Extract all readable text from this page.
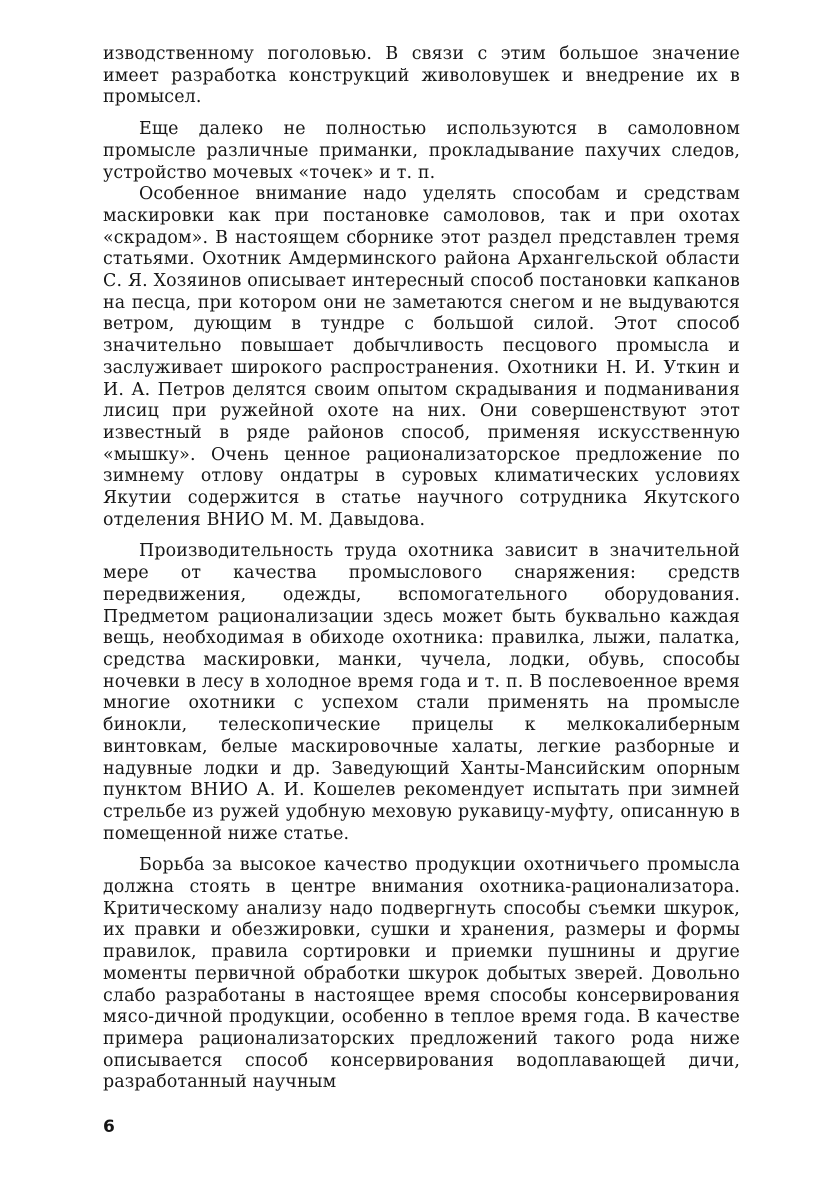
изводственному поголовью. В связи с этим большое значение имеет разработка конструкций живоловушек и внедрение их в промысел.

Еще далеко не полностью используются в самоловном промысле различные приманки, прокладывание пахучих следов, устройство мочевых «точек» и т. п.

Особенное внимание надо уделять способам и средствам маскировки как при постановке самоловов, так и при охотах «скрадом». В настоящем сборнике этот раздел представлен тремя статьями. Охотник Амдерминского района Архангельской области С. Я. Хозяинов описывает интересный способ постановки капканов на песца, при котором они не заметаются снегом и не выдуваются ветром, дующим в тундре с большой силой. Этот способ значительно повышает добычливость песцового промысла и заслуживает широкого распространения. Охотники Н. И. Уткин и И. А. Петров делятся своим опытом скрадывания и подманивания лисиц при ружейной охоте на них. Они совершенствуют этот известный в ряде районов способ, применяя искусственную «мышку». Очень ценное рационализаторское предложение по зимнему отлову ондатры в суровых климатических условиях Якутии содержится в статье научного сотрудника Якутского отделения ВНИО М. М. Давыдова.

Производительность труда охотника зависит в значительной мере от качества промыслового снаряжения: средств передвижения, одежды, вспомогательного оборудования. Предметом рационализации здесь может быть буквально каждая вещь, необходимая в обиходе охотника: правилка, лыжи, палатка, средства маскировки, манки, чучела, лодки, обувь, способы ночевки в лесу в холодное время года и т. п. В послевоенное время многие охотники с успехом стали применять на промысле бинокли, телескопические прицелы к мелкокалиберным винтовкам, белые маскировочные халаты, легкие разборные и надувные лодки и др. Заведующий Ханты-Мансийским опорным пунктом ВНИО А. И. Кошелев рекомендует испытать при зимней стрельбе из ружей удобную меховую рукавицу-муфту, описанную в помещенной ниже статье.

Борьба за высокое качество продукции охотничьего промысла должна стоять в центре внимания охотника-рационализатора. Критическому анализу надо подвергнуть способы съемки шкурок, их правки и обезжировки, сушки и хранения, размеры и формы правилок, правила сортировки и приемки пушнины и другие моменты первичной обработки шкурок добытых зверей. Довольно слабо разработаны в настоящее время способы консервирования мясо-дичной продукции, особенно в теплое время года. В качестве примера рационализаторских предложений такого рода ниже описывается способ консервирования водоплавающей дичи, разработанный научным

6
